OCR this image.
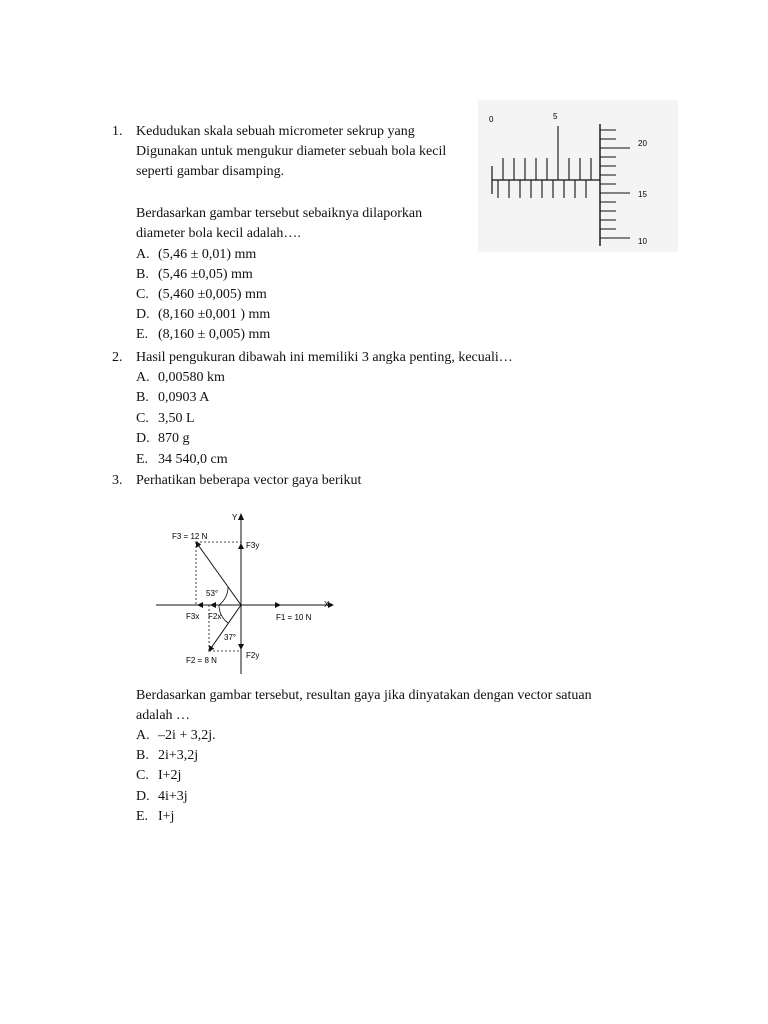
1. Kedudukan skala sebuah micrometer sekrup yang
Digunakan untuk mengukur diameter sebuah bola kecil
seperti gambar disamping.
Berdasarkan gambar tersebut sebaiknya dilaporkan
diameter bola kecil adalah….
A. (5,46 ± 0,01) mm
B. (5,46 ±0,05) mm
C. (5,460 ±0,005) mm
D. (8,160 ±0,001 ) mm
E. (8,160 ± 0,005) mm
0	5
20
15
10
2. Hasil pengukuran dibawah ini memiliki 3 angka penting, kecuali…
A. 0,00580 km
B. 0,0903 A
C. 3,50 L
D. 870 g
E. 34 540,0 cm
3. Perhatikan beberapa vector gaya berikut
Y
X
53°
37°
F3 = 12 N
F3y
F3x F2x	F1 = 10 N
F2 = 8 N
F2y
Berdasarkan gambar tersebut, resultan gaya jika dinyatakan dengan vector satuan
adalah …
A. –2i + 3,2j.
B. 2i+3,2j
C. I+2j
D. 4i+3j
E. I+j
